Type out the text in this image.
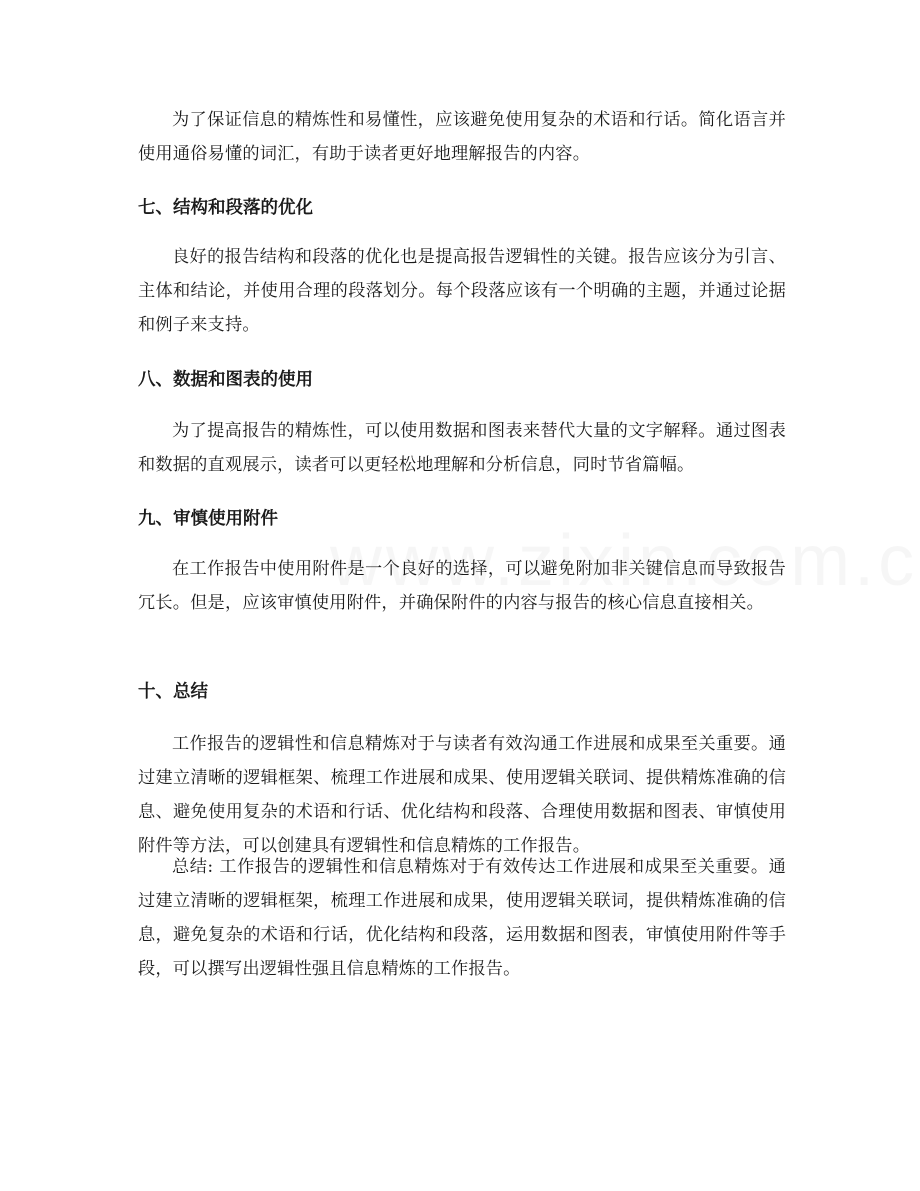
为了保证信息的精炼性和易懂性，应该避免使用复杂的术语和行话。简化语言并使用通俗易懂的词汇，有助于读者更好地理解报告的内容。

七、结构和段落的优化

良好的报告结构和段落的优化也是提高报告逻辑性的关键。报告应该分为引言、主体和结论，并使用合理的段落划分。每个段落应该有一个明确的主题，并通过论据和例子来支持。

八、数据和图表的使用

为了提高报告的精炼性，可以使用数据和图表来替代大量的文字解释。通过图表和数据的直观展示，读者可以更轻松地理解和分析信息，同时节省篇幅。

九、审慎使用附件

在工作报告中使用附件是一个良好的选择，可以避免附加非关键信息而导致报告冗长。但是，应该审慎使用附件，并确保附件的内容与报告的核心信息直接相关。

十、总结

工作报告的逻辑性和信息精炼对于与读者有效沟通工作进展和成果至关重要。通过建立清晰的逻辑框架、梳理工作进展和成果、使用逻辑关联词、提供精炼准确的信息、避免使用复杂的术语和行话、优化结构和段落、合理使用数据和图表、审慎使用附件等方法，可以创建具有逻辑性和信息精炼的工作报告。

总结: 工作报告的逻辑性和信息精炼对于有效传达工作进展和成果至关重要。通过建立清晰的逻辑框架，梳理工作进展和成果，使用逻辑关联词，提供精炼准确的信息，避免复杂的术语和行话，优化结构和段落，运用数据和图表，审慎使用附件等手段，可以撰写出逻辑性强且信息精炼的工作报告。
